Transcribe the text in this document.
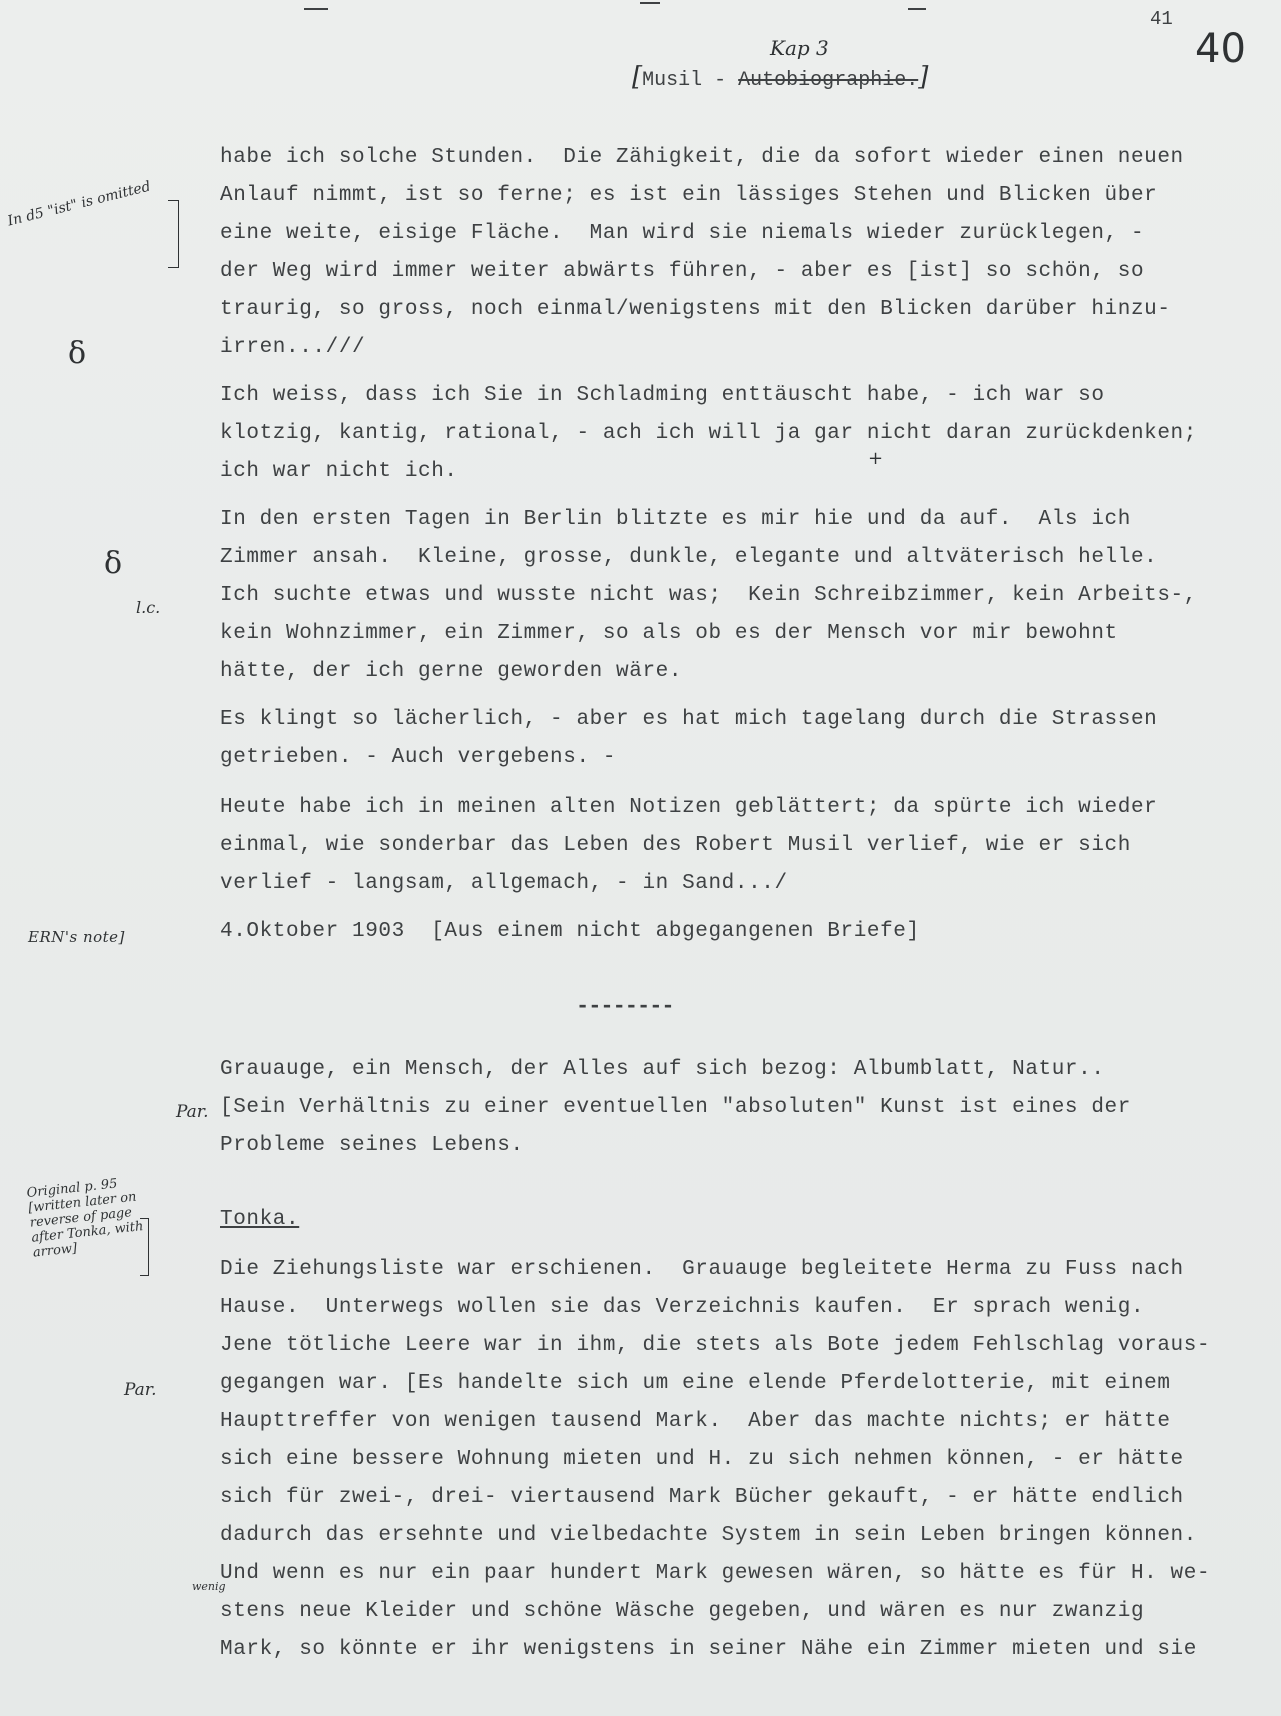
41
40
Kap 3
[Musil - Autobiographie.]

habe ich solche Stunden.  Die Zähigkeit, die da sofort wieder einen neuen

Anlauf nimmt, ist so ferne; es ist ein lässiges Stehen und Blicken über

eine weite, eisige Fläche.  Man wird sie niemals wieder zurücklegen, -

der Weg wird immer weiter abwärts führen, - aber es [ist] so schön, so

traurig, so gross, noch einmal/wenigstens mit den Blicken darüber hinzu-

irren...///

Ich weiss, dass ich Sie in Schladming enttäuscht habe, - ich war so

klotzig, kantig, rational, - ach ich will ja gar nicht daran zurückdenken;

ich war nicht ich.

In den ersten Tagen in Berlin blitzte es mir hie und da auf.  Als ich

Zimmer ansah.  Kleine, grosse, dunkle, elegante und altväterisch helle.

Ich suchte etwas und wusste nicht was;  Kein Schreibzimmer, kein Arbeits-,

kein Wohnzimmer, ein Zimmer, so als ob es der Mensch vor mir bewohnt

hätte, der ich gerne geworden wäre.

Es klingt so lächerlich, - aber es hat mich tagelang durch die Strassen

getrieben. - Auch vergebens. -

Heute habe ich in meinen alten Notizen geblättert; da spürte ich wieder

einmal, wie sonderbar das Leben des Robert Musil verlief, wie er sich

verlief - langsam, allgemach, - in Sand.../

4.Oktober 1903  [Aus einem nicht abgegangenen Briefe]

Grauauge, ein Mensch, der Alles auf sich bezog: Albumblatt, Natur..

[Sein Verhältnis zu einer eventuellen "absoluten" Kunst ist eines der

Probleme seines Lebens.

Tonka.

Die Ziehungsliste war erschienen.  Grauauge begleitete Herma zu Fuss nach

Hause.  Unterwegs wollen sie das Verzeichnis kaufen.  Er sprach wenig.

Jene tötliche Leere war in ihm, die stets als Bote jedem Fehlschlag voraus-

gegangen war. [Es handelte sich um eine elende Pferdelotterie, mit einem

Haupttreffer von wenigen tausend Mark.  Aber das machte nichts; er hätte

sich eine bessere Wohnung mieten und H. zu sich nehmen können, - er hätte

sich für zwei-, drei- viertausend Mark Bücher gekauft, - er hätte endlich

dadurch das ersehnte und vielbedachte System in sein Leben bringen können.

Und wenn es nur ein paar hundert Mark gewesen wären, so hätte es für H. we-

stens neue Kleider und schöne Wäsche gegeben, und wären es nur zwanzig

Mark, so könnte er ihr wenigstens in seiner Nähe ein Zimmer mieten und sie

--------
+
In d5 "ist" is omitted
δ
δ
l.c.
ERN's note]
Par.
Original p. 95 [written later on reverse of page after Tonka, with arrow]
Par.
wenig
